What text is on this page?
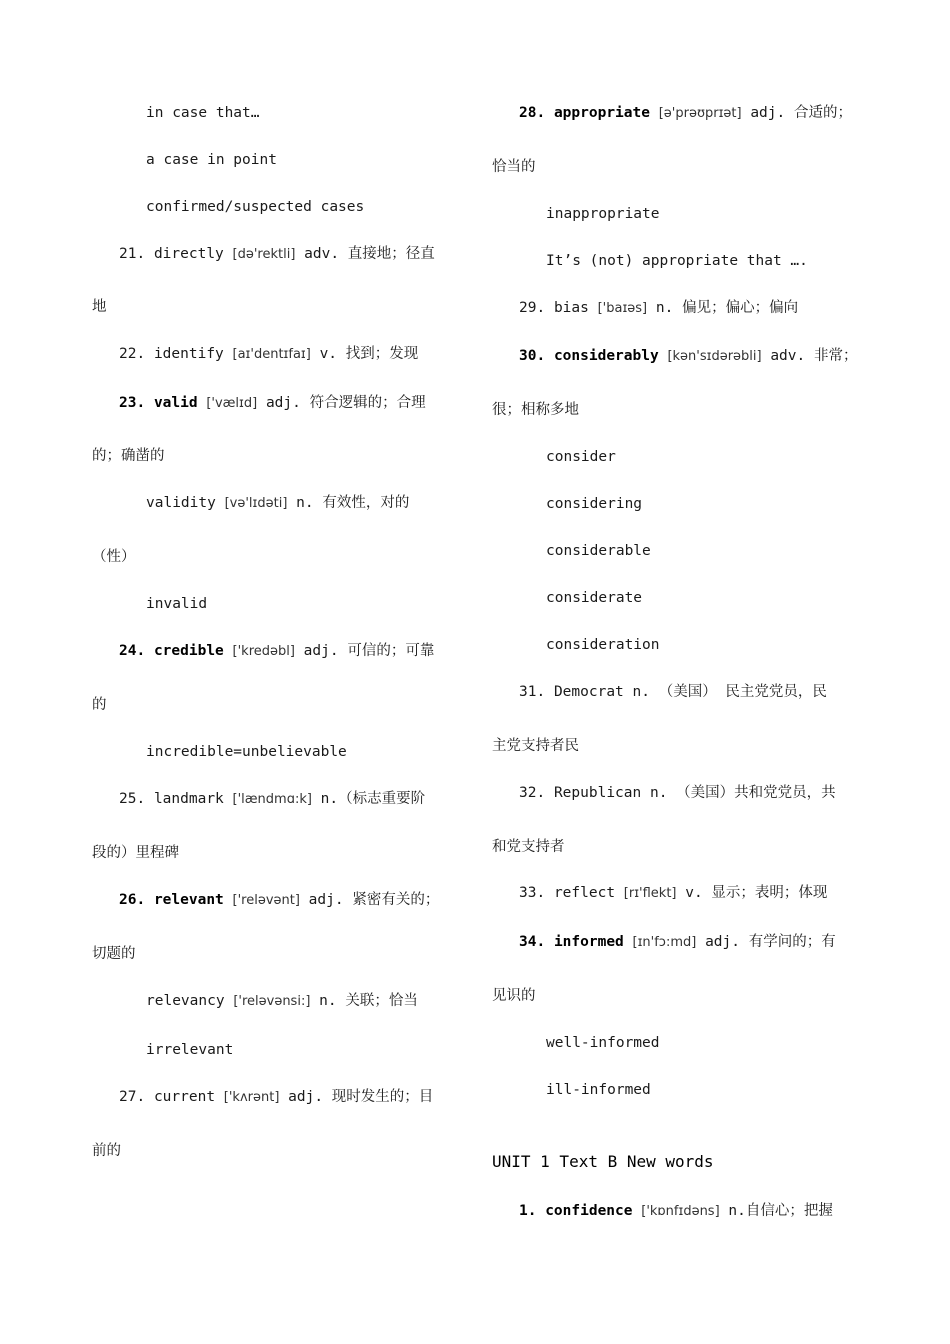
in case that…
a case in point
confirmed/suspected cases
21. directly [də'rektli] adv. 直接地；径直
地
22. identify [aɪ'dentɪfaɪ] v. 找到；发现
23. valid ['vælɪd] adj. 符合逻辑的；合理
的；确凿的
validity [və'lɪdəti] n. 有效性，对的
（性）
invalid
24. credible ['kredəbl] adj. 可信的；可靠
的
incredible=unbelievable
25. landmark ['lændmɑ:k] n.（标志重要阶
段的）里程碑
26. relevant ['reləvənt] adj. 紧密有关的；
切题的
relevancy ['reləvənsi:] n. 关联；恰当
irrelevant
27. current ['kʌrənt] adj. 现时发生的；目
前的
28. appropriate [ə'prəʊprɪət] adj. 合适的；
恰当的
inappropriate
It’s (not) appropriate that ….
29. bias ['baɪəs] n. 偏见；偏心；偏向
30. considerably [kən'sɪdərəbli] adv. 非常；
很；相称多地
consider
considering
considerable
considerate
consideration
31. Democrat n. （美国） 民主党党员，民
主党支持者民
32. Republican n. （美国）共和党党员，共
和党支持者
33. reflect [rɪ'flekt] v. 显示；表明；体现
34. informed [ɪn'fɔ:md] adj. 有学问的；有
见识的
well-informed
ill-informed
UNIT 1 Text B New words
1. confidence ['kɒnfɪdəns] n.自信心；把握
